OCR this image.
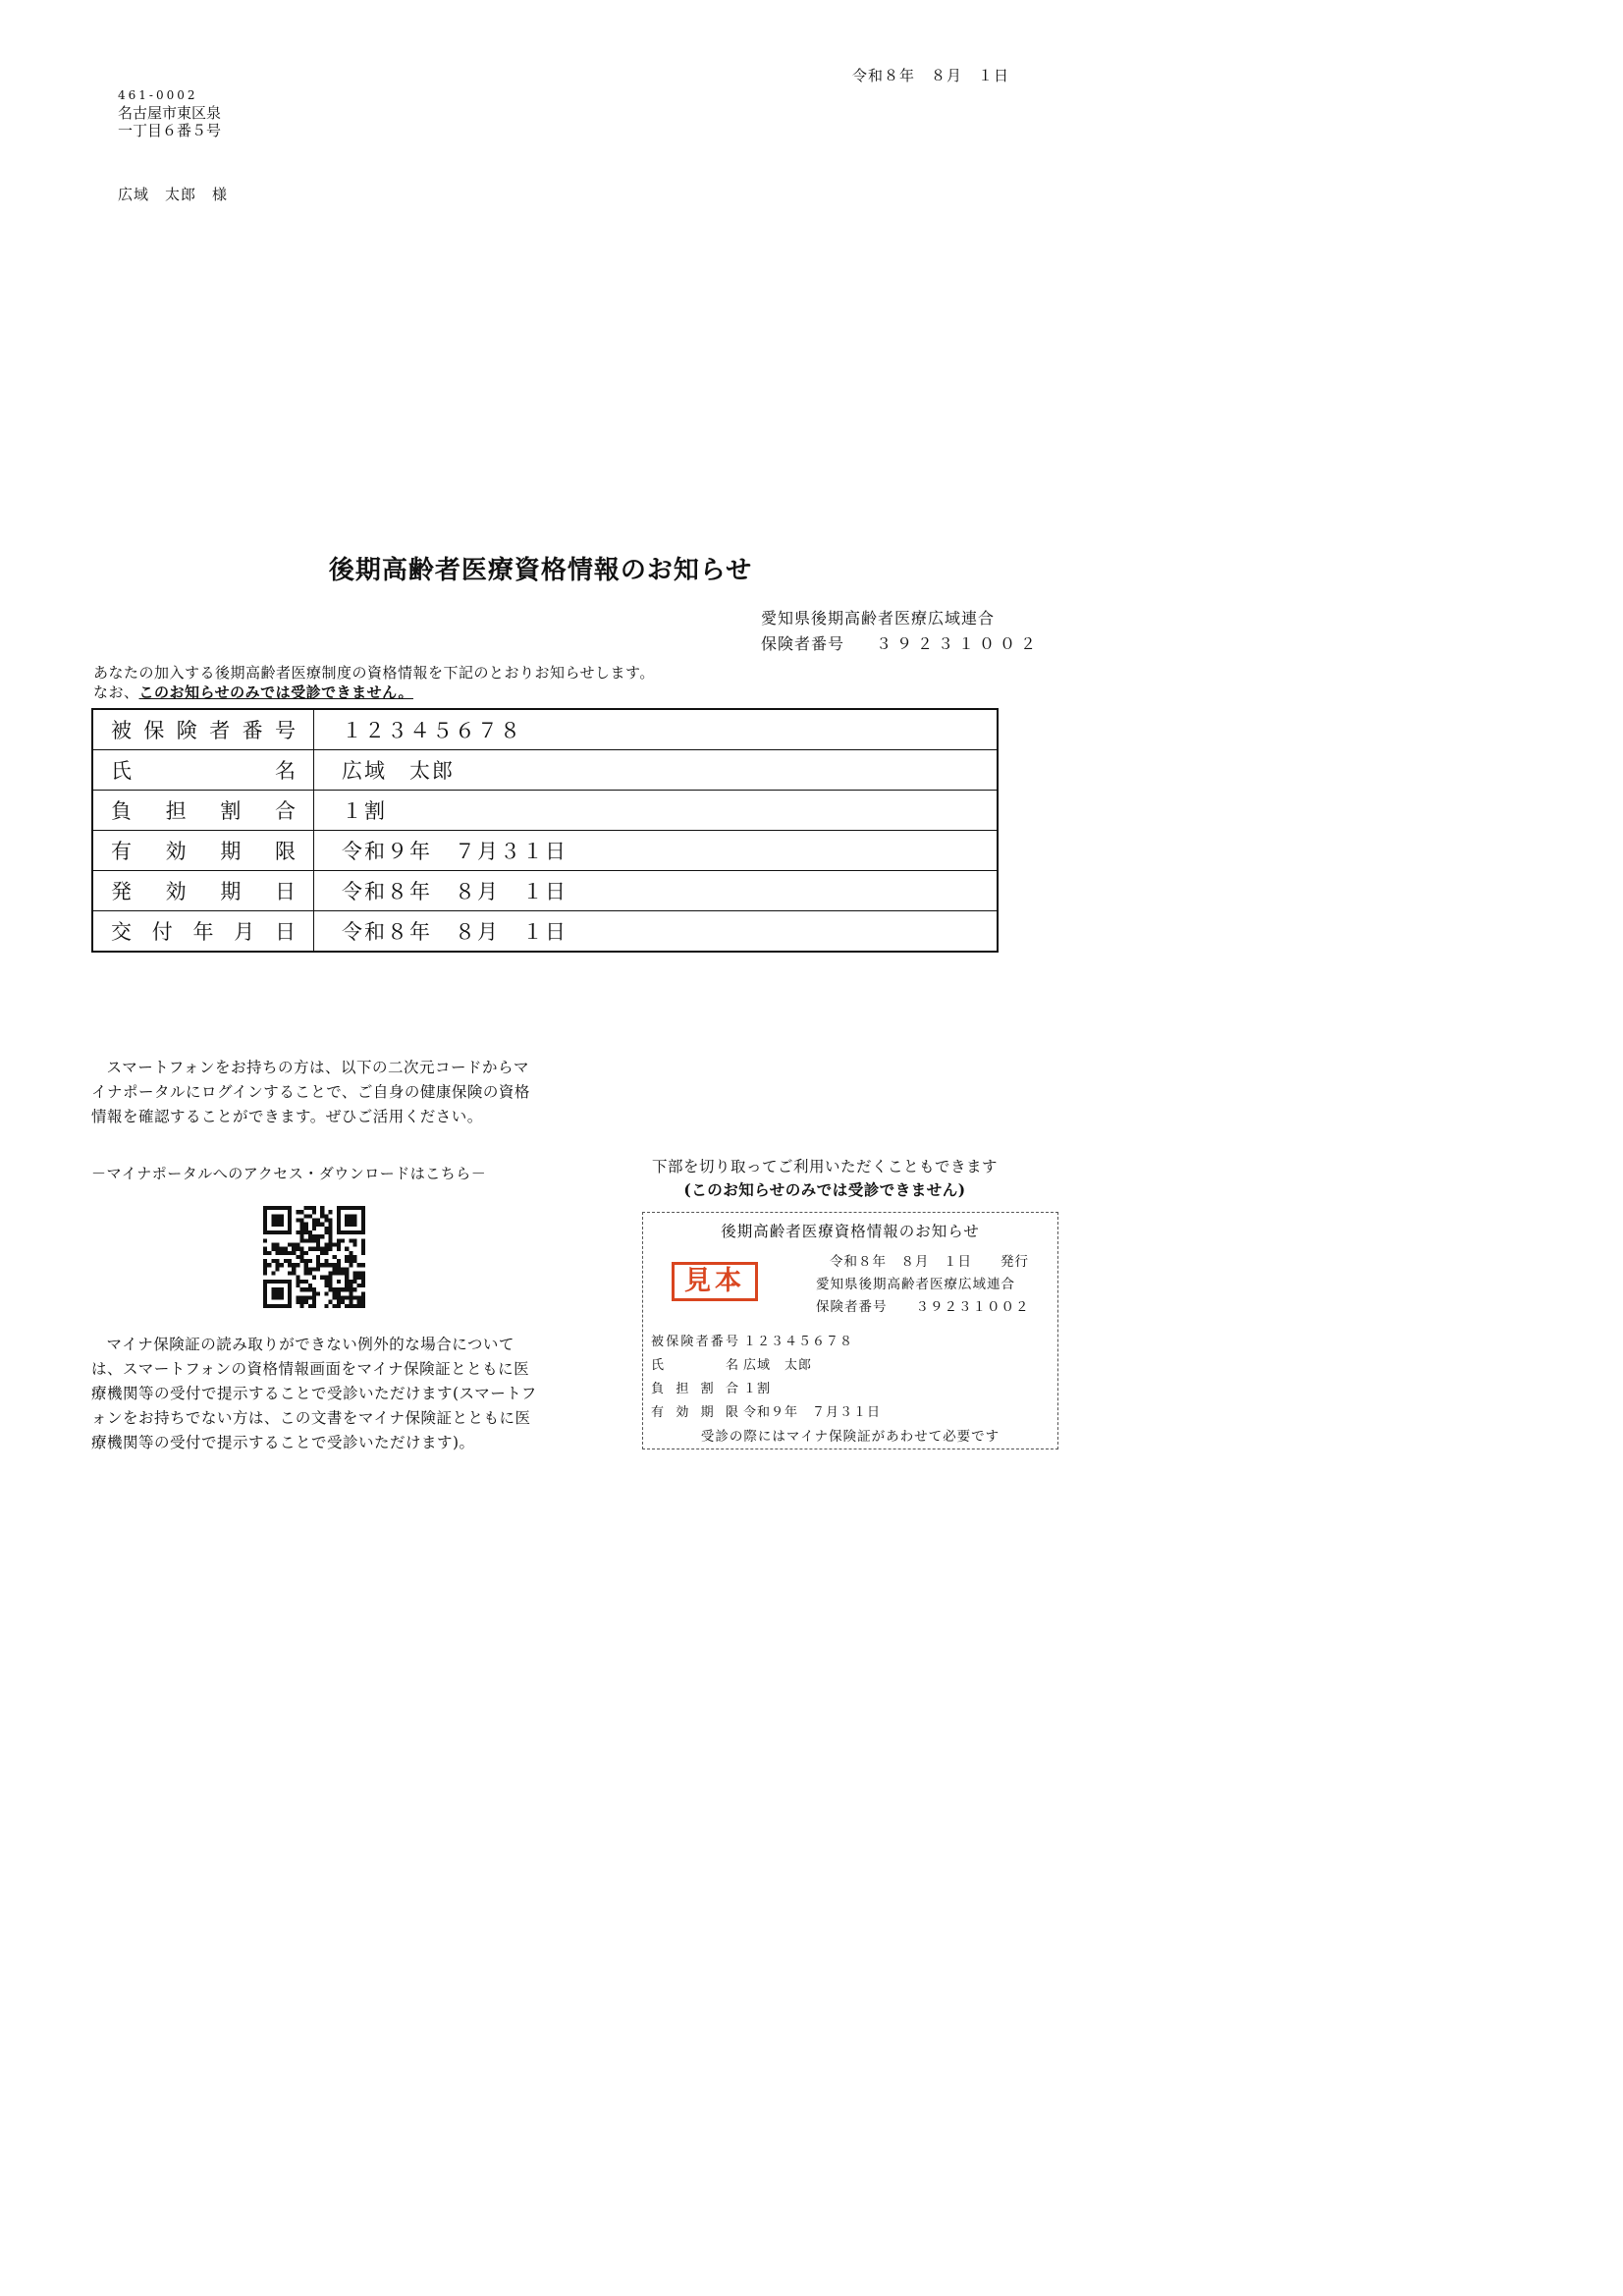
令和８年　８月　１日
461-0002
名古屋市東区泉
一丁目６番５号
広域　太郎　様
後期高齢者医療資格情報のお知らせ
愛知県後期高齢者医療広域連合
保険者番号 ３９２３１００２
あなたの加入する後期高齢者医療制度の資格情報を下記のとおりお知らせします。
なお、このお知らせのみでは受診できません。
被保険者番号	１２３４５６７８

氏名	広域　太郎

負担割合	１割

有効期限	令和９年　７月３１日

発効期日	令和８年　８月　１日

交付年月日	令和８年　８月　１日

スマートフォンをお持ちの方は、以下の二次元コードからマイナポータルにログインすることで、ご自身の健康保険の資格情報を確認することができます。ぜひご活用ください。

－マイナポータルへのアクセス・ダウンロードはこちら－

マイナ保険証の読み取りができない例外的な場合については、スマートフォンの資格情報画面をマイナ保険証とともに医療機関等の受付で提示することで受診いただけます(スマートフォンをお持ちでない方は、この文書をマイナ保険証とともに医療機関等の受付で提示することで受診いただけます)。

下部を切り取ってご利用いただくこともできます
(このお知らせのみでは受診できません)
後期高齢者医療資格情報のお知らせ
見本
令和８年　８月　１日　　発行
愛知県後期高齢者医療広域連合
保険者番号　　３９２３１００２
被保険者番号 １２３４５６７８
氏名 広域　太郎
負担割合 １割
有効期限 令和９年　７月３１日
受診の際にはマイナ保険証があわせて必要です
